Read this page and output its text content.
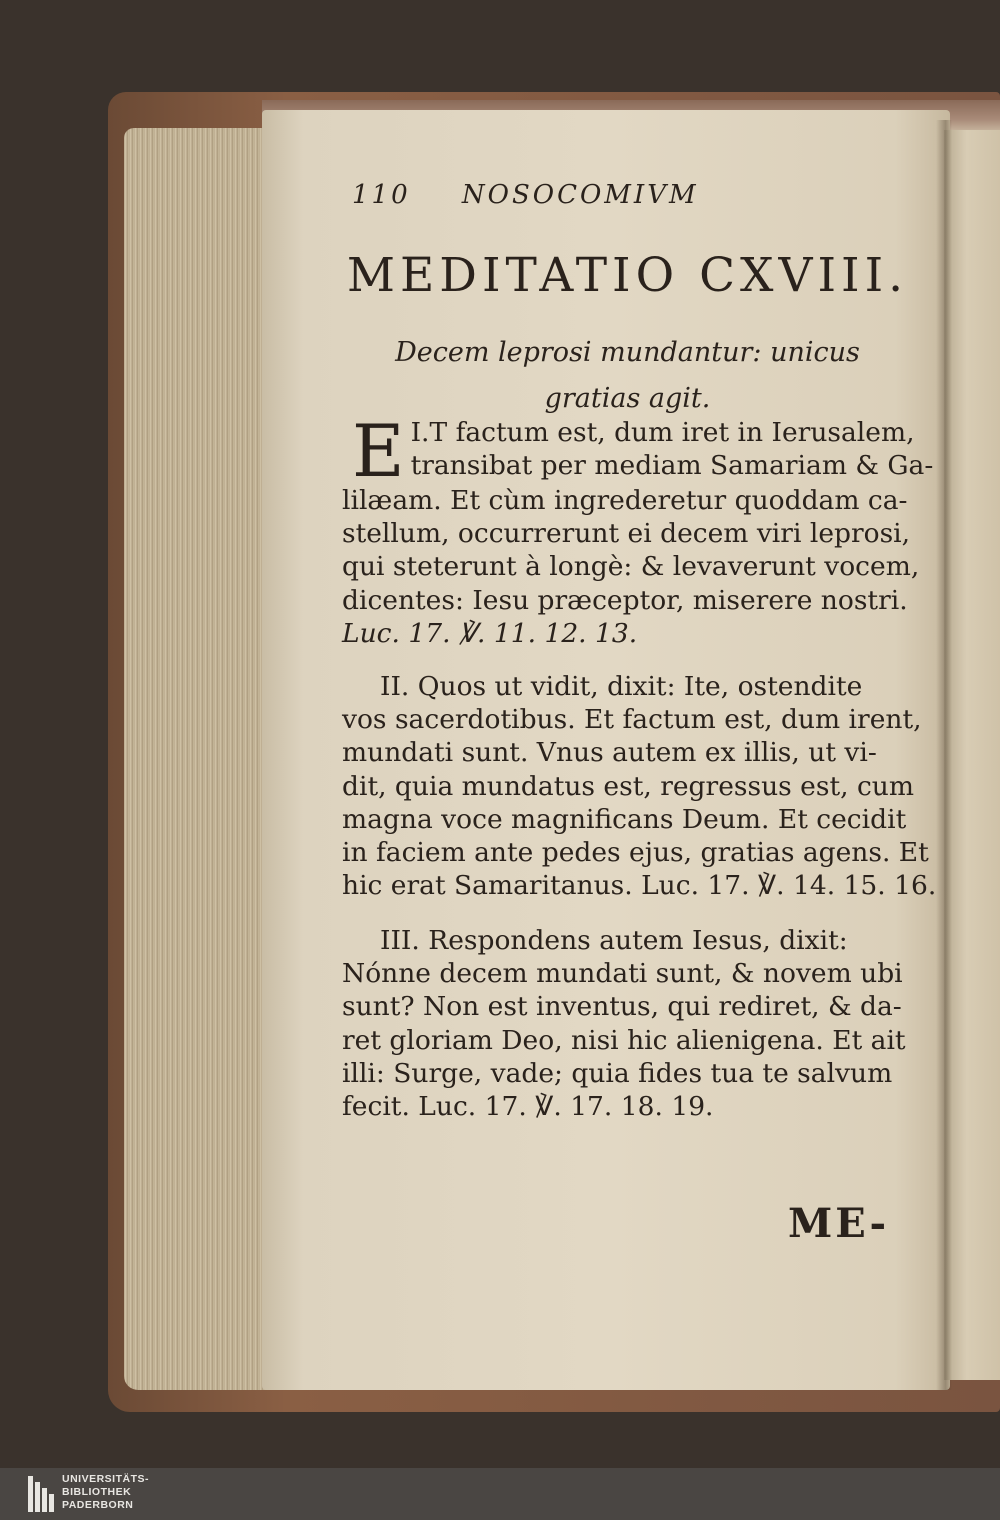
110 NOSOCOMIVM
MEDITATIO CXVIII.
Decem leprosi mundantur: unicus
gratias agit.
I.
E T factum est, dum iret in Ierusalem,
transibat per mediam Samariam & Ga-
lilæam. Et cùm ingrederetur quoddam ca-
stellum, occurrerunt ei decem viri leprosi,
qui steterunt à longè: & levaverunt vocem,
dicentes: Iesu præceptor, miserere nostri.
Luc. 17. ℣. 11. 12. 13.
II. Quos ut vidit, dixit: Ite, ostendite
vos sacerdotibus. Et factum est, dum irent,
mundati sunt. Vnus autem ex illis, ut vi-
dit, quia mundatus est, regressus est, cum
magna voce magnificans Deum. Et cecidit
in faciem ante pedes ejus, gratias agens. Et
hic erat Samaritanus. Luc. 17. ℣. 14. 15. 16.
III. Respondens autem Iesus, dixit:
Nónne decem mundati sunt, & novem ubi
sunt? Non est inventus, qui rediret, & da-
ret gloriam Deo, nisi hic alienigena. Et ait
illi: Surge, vade; quia fides tua te salvum
fecit. Luc. 17. ℣. 17. 18. 19.
ME-
UNIVERSITÄTS-
BIBLIOTHEK
PADERBORN
